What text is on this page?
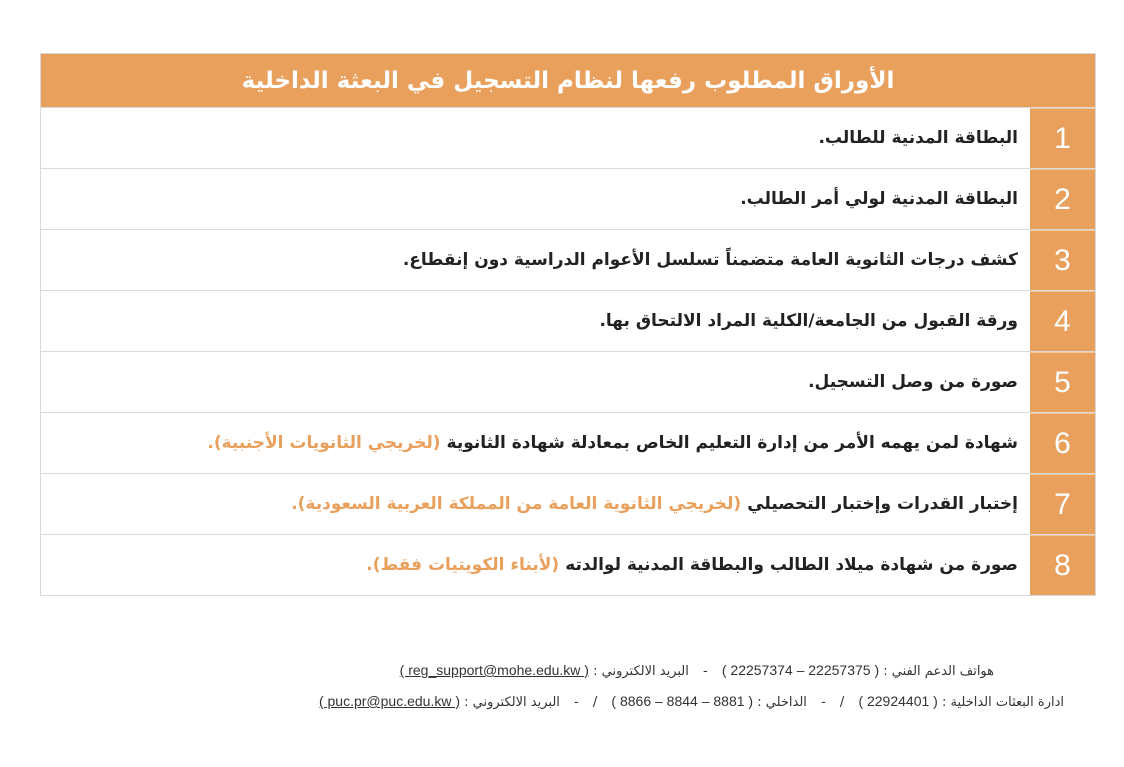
الأوراق المطلوب رفعها لنظام التسجيل في البعثة الداخلية
1
البطاقة المدنية للطالب.
2
البطاقة المدنية لولي أمر الطالب.
3
كشف درجات الثانوية العامة متضمناً تسلسل الأعوام الدراسية دون إنقطاع.
4
ورقة القبول من الجامعة/الكلية المراد الالتحاق بها.
5
صورة من وصل التسجيل.
6
شهادة لمن يهمه الأمر من إدارة التعليم الخاص بمعادلة شهادة الثانوية
(لخريجي الثانويات الأجنبية).
7
إختبار القدرات وإختبار التحصيلي
(لخريجي الثانوية العامة من المملكة العربية السعودية).
8
صورة من شهادة ميلاد الطالب والبطاقة المدنية لوالدته
(لأبناء الكويتيات فقط).
هواتف الدعم الفني : ( 22257374 – 22257375 ) - البريد الالكتروني : ( reg_support@mohe.edu.kw )
ادارة البعثات الداخلية : ( 22924401 ) / - الداخلي : ( 8866 – 8844 – 8881 ) / - البريد الالكتروني : ( puc.pr@puc.edu.kw )
